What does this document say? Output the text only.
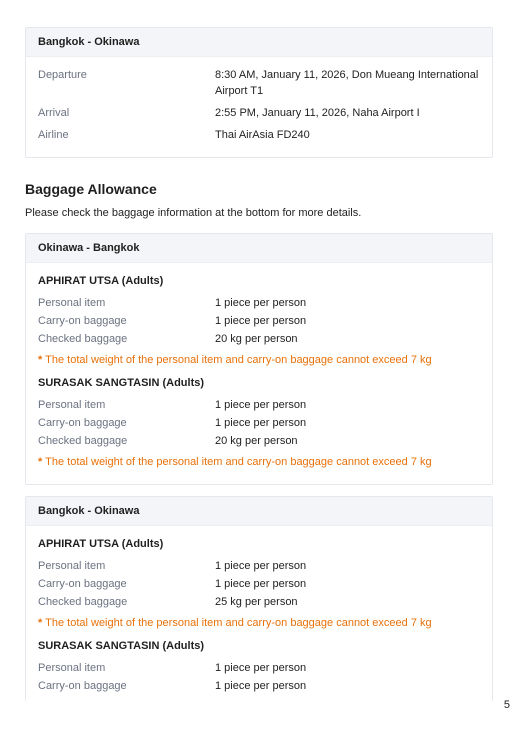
Bangkok - Okinawa
Departure	8:30 AM, January 11, 2026, Don Mueang International Airport T1
Arrival	2:55 PM, January 11, 2026, Naha Airport I
Airline	Thai AirAsia FD240
Baggage Allowance
Please check the baggage information at the bottom for more details.
Okinawa - Bangkok
APHIRAT UTSA (Adults)
Personal item	1 piece per person
Carry-on baggage	1 piece per person
Checked baggage	20 kg per person
* The total weight of the personal item and carry-on baggage cannot exceed 7 kg
SURASAK SANGTASIN (Adults)
Personal item	1 piece per person
Carry-on baggage	1 piece per person
Checked baggage	20 kg per person
* The total weight of the personal item and carry-on baggage cannot exceed 7 kg
Bangkok - Okinawa
APHIRAT UTSA (Adults)
Personal item	1 piece per person
Carry-on baggage	1 piece per person
Checked baggage	25 kg per person
* The total weight of the personal item and carry-on baggage cannot exceed 7 kg
SURASAK SANGTASIN (Adults)
Personal item	1 piece per person
Carry-on baggage	1 piece per person
5
